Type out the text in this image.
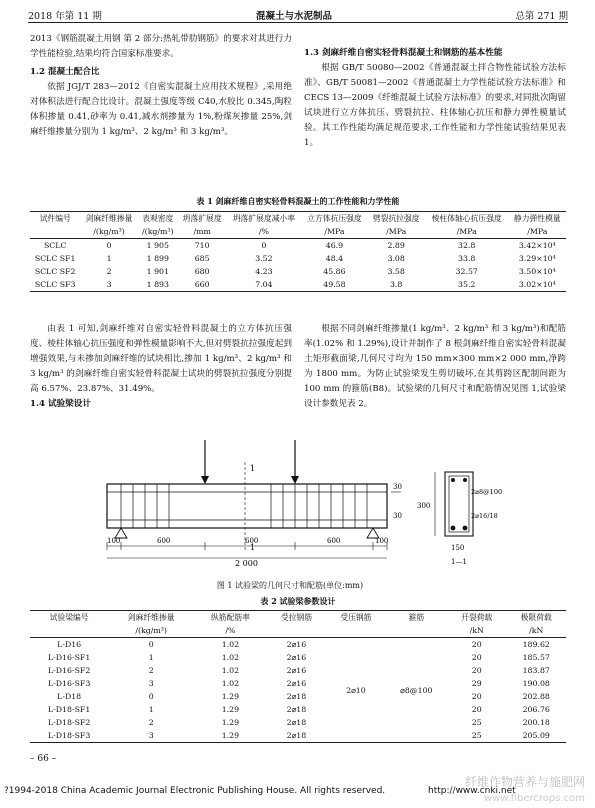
2018 年第 11 期	混凝土与水泥制品	总第 271 期

2013《钢筋混凝土用钢 第 2 部分:热轧带肋钢筋》的要求对其进行力学性能检验,结果均符合国家标准要求。

1.2 混凝土配合比

依据 JGJ/T 283—2012《自密实混凝土应用技术规程》,采用绝对体积法进行配合比设计。混凝土强度等级 C40,水胶比 0.345,陶粒体积掺量 0.41,砂率为 0.41,减水剂掺量为 1%,粉煤灰掺量 25%,剑麻纤维掺量分别为 1 kg/m³、2 kg/m³ 和 3 kg/m³。

1.3 剑麻纤维自密实轻骨料混凝土和钢筋的基本性能

根据 GB/T 50080—2002《普通混凝土拌合物性能试验方法标准》、GB/T 50081—2002《普通混凝土力学性能试验方法标准》和 CECS 13—2009《纤维混凝土试验方法标准》的要求,对同批次陶留试块进行立方体抗压、劈裂抗拉、柱体轴心抗压和静力弹性模量试验。其工作性能均满足规范要求,工作性能和力学性能试验结果见表 1。

表 1 剑麻纤维自密实轻骨料混凝土的工作性能和力学性能
试件编号	剑麻纤维掺量	表观密度	坍落扩展度	坍落扩展度减小率	立方体抗压强度	劈裂抗拉强度	棱柱体轴心抗压强度	静力弹性模量
	/(kg/m³)	/(kg/m³)	/mm	/%	/MPa	/MPa	/MPa	/MPa
SCLC	0	1 905	710	0	46.9	2.89	32.8	3.42×10⁴
SCLC SF1	1	1 899	685	3.52	48.4	3.08	33.8	3.29×10⁴
SCLC SF2	2	1 901	680	4.23	45.86	3.58	32.57	3.50×10⁴
SCLC SF3	3	1 893	660	7.04	49.58	3.8	35.2	3.02×10⁴

由表 1 可知,剑麻纤维对自密实轻骨料混凝土的立方体抗压强度、棱柱体轴心抗压强度和弹性模量影响不大,但对劈裂抗拉强度起到增强效果,与未掺加剑麻纤维的试块相比,掺加 1 kg/m³、2 kg/m³ 和 3 kg/m³ 的剑麻纤维自密实轻骨料混凝土试块的劈裂抗拉强度分别提高 6.57%、23.87%、31.49%。

1.4 试验梁设计

根据不同剑麻纤维掺量(1 kg/m³、2 kg/m³ 和 3 kg/m³)和配筋率(1.02% 和 1.29%),设计并制作了 8 根剑麻纤维自密实轻骨料混凝土矩形截面梁,几何尺寸均为 150 mm×300 mm×2 000 mm,净跨为 1800 mm。为防止试验梁发生剪切破坏,在其剪跨区配制间距为 100 mm 的箍筋(B8)。试验梁的几何尺寸和配筋情况见图 1,试验梁设计参数见表 2。

1
1
30
30
100	600	600	600	100
2 000
300
150
2⌀8@100
2⌀16/18
1—1
图 1 试验梁的几何尺寸和配筋(单位:mm)
表 2 试验梁参数设计
试验梁编号	剑麻纤维掺量	纵筋配筋率	受拉钢筋	受压钢筋	箍筋	开裂荷载	极限荷载
	/(kg/m³)	/%				/kN	/kN
L-D16	0	1.02	2⌀16	2⌀10	⌀8@100	20	189.62
L-D16-SF1	1	1.02	2⌀16			20	185.57
L-D16-SF2	2	1.02	2⌀16			20	183.87
L-D16-SF3	3	1.02	2⌀16			29	190.08
L-D18	0	1.29	2⌀18			20	202.88
L-D18-SF1	1	1.29	2⌀18			20	206.76
L-D18-SF2	2	1.29	2⌀18			25	200.18
L-D18-SF3	3	1.29	2⌀18			25	205.09
– 66 –
?1994-2018 China Academic Journal Electronic Publishing House. All rights reserved.	http://www.cnki.net
纤维作物营养与施肥网
www.fibercrops.com
